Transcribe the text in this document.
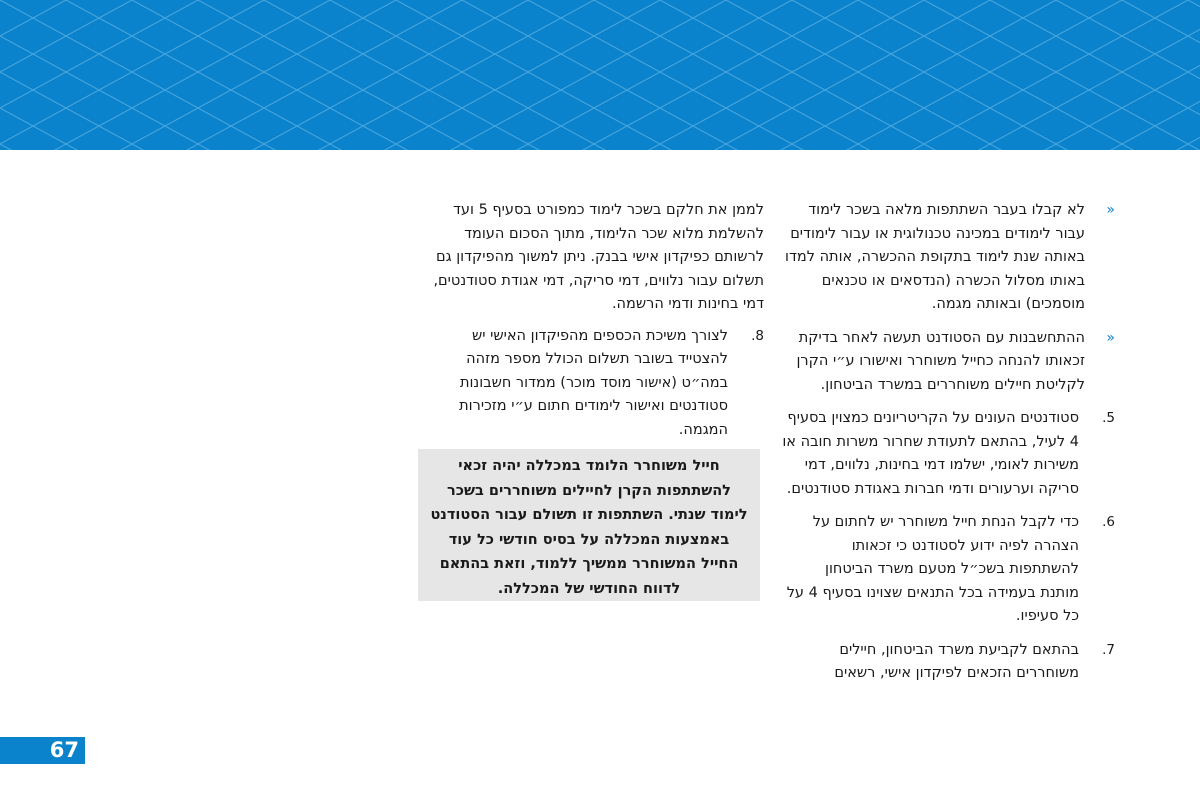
«
לא קבלו בעבר השתתפות מלאה בשכר לימוד עבור לימודים במכינה טכנולוגית או עבור לימודים באותה שנת לימוד בתקופת ההכשרה, אותה למדו באותו מסלול הכשרה (הנדסאים או טכנאים מוסמכים) ובאותה מגמה.
«
ההתחשבנות עם הסטודנט תעשה לאחר בדיקת זכאותו להנחה כחייל משוחרר ואישורו ע״י הקרן לקליטת חיילים משוחררים במשרד הביטחון.
5.
סטודנטים העונים על הקריטריונים כמצוין בסעיף 4 לעיל, בהתאם לתעודת שחרור משרות חובה או משירות לאומי, ישלמו דמי בחינות, נלווים, דמי סריקה וערעורים ודמי חברות באגודת סטודנטים.
6.
כדי לקבל הנחת חייל משוחרר יש לחתום על הצהרה לפיה ידוע לסטודנט כי זכאותו להשתתפות בשכ״ל מטעם משרד הביטחון מותנת בעמידה בכל התנאים שצוינו בסעיף 4 על כל סעיפיו.
7.
בהתאם לקביעת משרד הביטחון, חיילים משוחררים הזכאים לפיקדון אישי, רשאים
לממן את חלקם בשכר לימוד כמפורט בסעיף 5 ועד להשלמת מלוא שכר הלימוד, מתוך הסכום העומד לרשותם כפיקדון אישי בבנק. ניתן למשוך מהפיקדון גם תשלום עבור נלווים, דמי סריקה, דמי אגודת סטודנטים, דמי בחינות ודמי הרשמה.
8.
לצורך משיכת הכספים מהפיקדון האישי יש להצטייד בשובר תשלום הכולל מספר מזהה במה״ט (אישור מוסד מוכר) ממדור חשבונות סטודנטים ואישור לימודים חתום ע״י מזכירות המגמה.
חייל משוחרר הלומד במכללה יהיה זכאי להשתתפות הקרן לחיילים משוחררים בשכר לימוד שנתי. השתתפות זו תשולם עבור הסטודנט באמצעות המכללה על בסיס חודשי כל עוד החייל המשוחרר ממשיך ללמוד, וזאת בהתאם לדווח החודשי של המכללה.
67
